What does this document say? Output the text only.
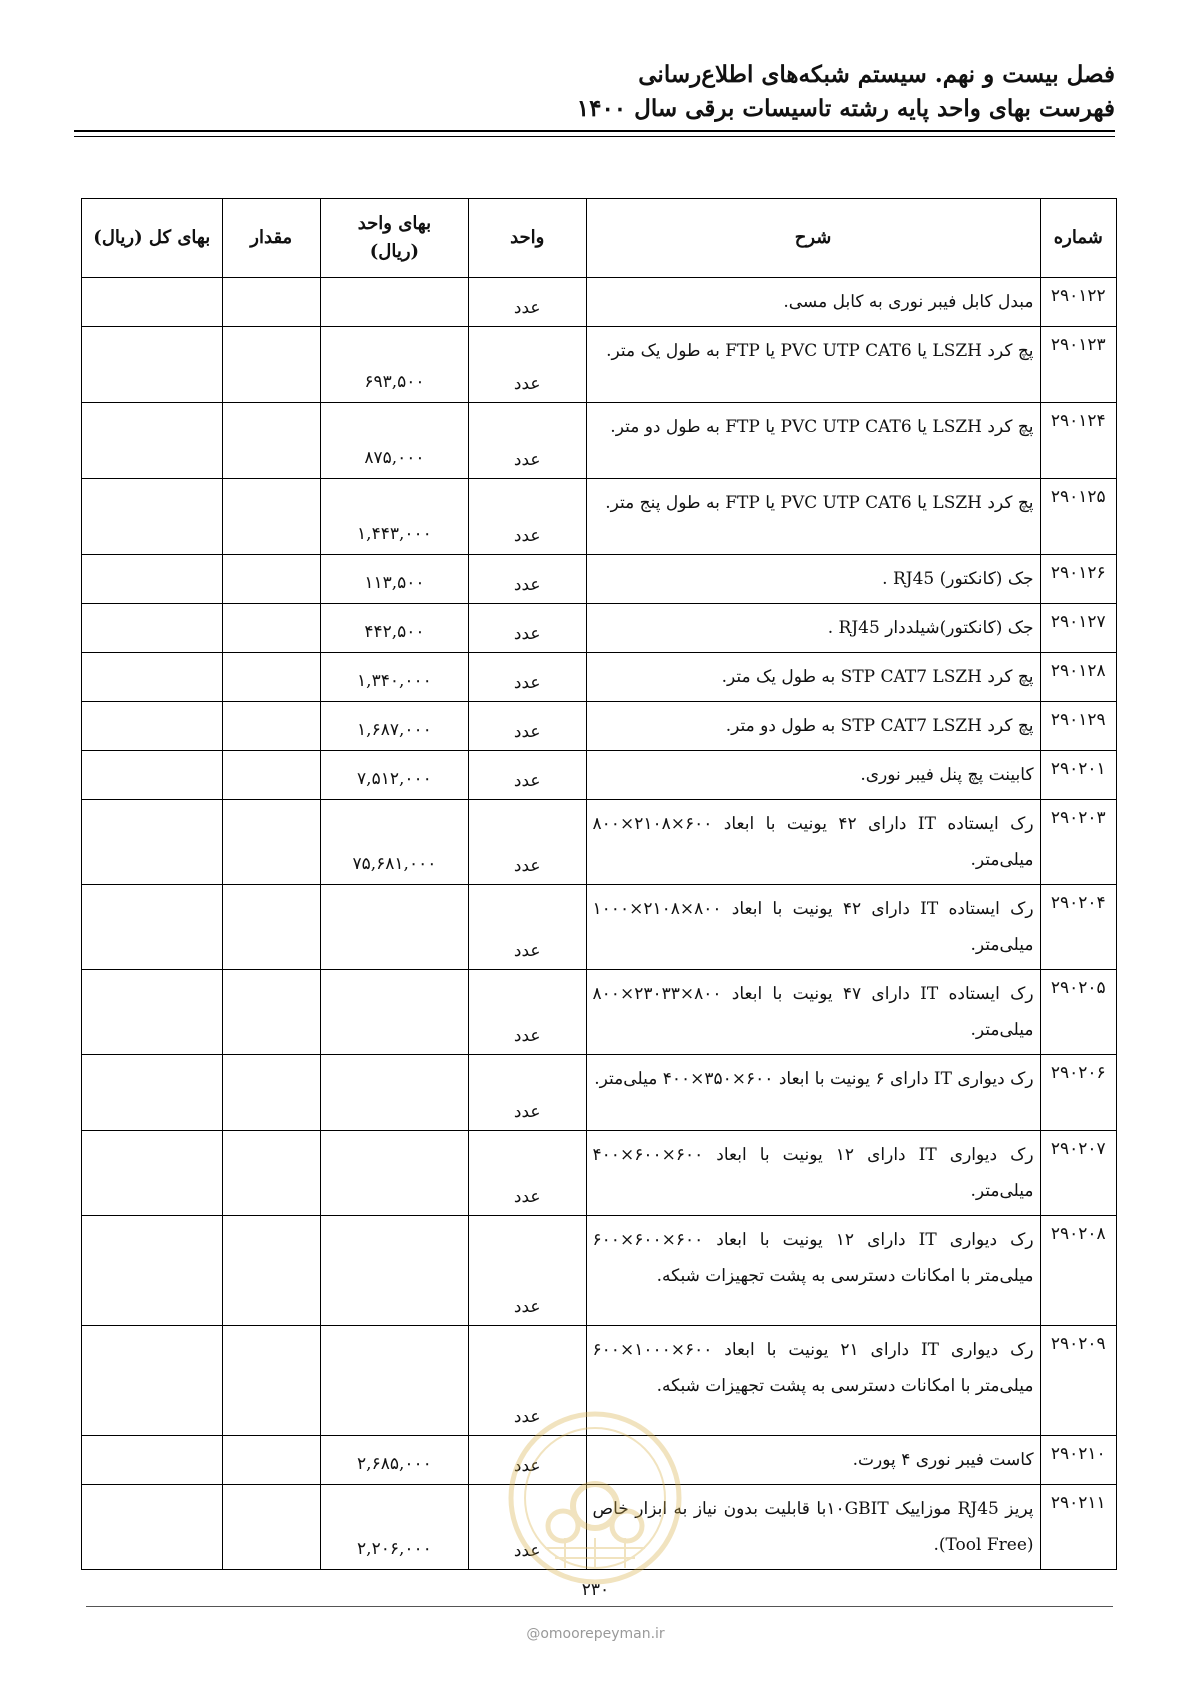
فصل بیست و نهم. سیستم شبکه‌های اطلاع‌رسانی
فهرست بهای واحد پایه رشته تاسیسات برقی سال ۱۴۰۰
شماره	شرح	واحد	بهای واحد (ریال)	مقدار	بهای کل (ریال)
۲۹۰۱۲۲	مبدل کابل فیبر نوری به کابل مسی.	عدد			
۲۹۰۱۲۳	پچ کرد LSZH یا PVC UTP CAT6 یا FTP به طول یک متر.	عدد	۶۹۳,۵۰۰		
۲۹۰۱۲۴	پچ کرد LSZH یا PVC UTP CAT6 یا FTP به طول دو متر.	عدد	۸۷۵,۰۰۰		
۲۹۰۱۲۵	پچ کرد LSZH یا PVC UTP CAT6 یا FTP به طول پنج متر.	عدد	۱,۴۴۳,۰۰۰		
۲۹۰۱۲۶	جک (کانکتور) RJ45 .	عدد	۱۱۳,۵۰۰		
۲۹۰۱۲۷	جک (کانکتور)شیلددار RJ45 .	عدد	۴۴۲,۵۰۰		
۲۹۰۱۲۸	پچ کرد STP CAT7 LSZH به طول یک متر.	عدد	۱,۳۴۰,۰۰۰		
۲۹۰۱۲۹	پچ کرد STP CAT7 LSZH به طول دو متر.	عدد	۱,۶۸۷,۰۰۰		
۲۹۰۲۰۱	کابینت پچ پنل فیبر نوری.	عدد	۷,۵۱۲,۰۰۰		
۲۹۰۲۰۳	رک ایستاده IT دارای ۴۲ یونیت با ابعاد ۶۰۰×۲۱۰۸×۸۰۰ میلی‌متر.	عدد	۷۵,۶۸۱,۰۰۰		
۲۹۰۲۰۴	رک ایستاده IT دارای ۴۲ یونیت با ابعاد ۸۰۰×۲۱۰۸×۱۰۰۰ میلی‌متر.	عدد			
۲۹۰۲۰۵	رک ایستاده IT دارای ۴۷ یونیت با ابعاد ۸۰۰×۲۳۰۳۳×۸۰۰ میلی‌متر.	عدد			
۲۹۰۲۰۶	رک دیواری IT دارای ۶ یونیت با ابعاد ۶۰۰×۳۵۰×۴۰۰ میلی‌متر.	عدد			
۲۹۰۲۰۷	رک دیواری IT دارای ۱۲ یونیت با ابعاد ۶۰۰×۶۰۰×۴۰۰ میلی‌متر.	عدد			
۲۹۰۲۰۸	رک دیواری IT دارای ۱۲ یونیت با ابعاد ۶۰۰×۶۰۰×۶۰۰ میلی‌متر با امکانات دسترسی به پشت تجهیزات شبکه.	عدد			
۲۹۰۲۰۹	رک دیواری IT دارای ۲۱ یونیت با ابعاد ۶۰۰×۱۰۰۰×۶۰۰ میلی‌متر با امکانات دسترسی به پشت تجهیزات شبکه.	عدد			
۲۹۰۲۱۰	کاست فیبر نوری ۴ پورت.	عدد	۲,۶۸۵,۰۰۰		
۲۹۰۲۱۱	پریز RJ45 موزاییک ۱۰GBITبا قابلیت بدون نیاز به ابزار خاص (Tool Free).	عدد	۲,۲۰۶,۰۰۰		
۲۳۰
@omoorepeyman.ir
